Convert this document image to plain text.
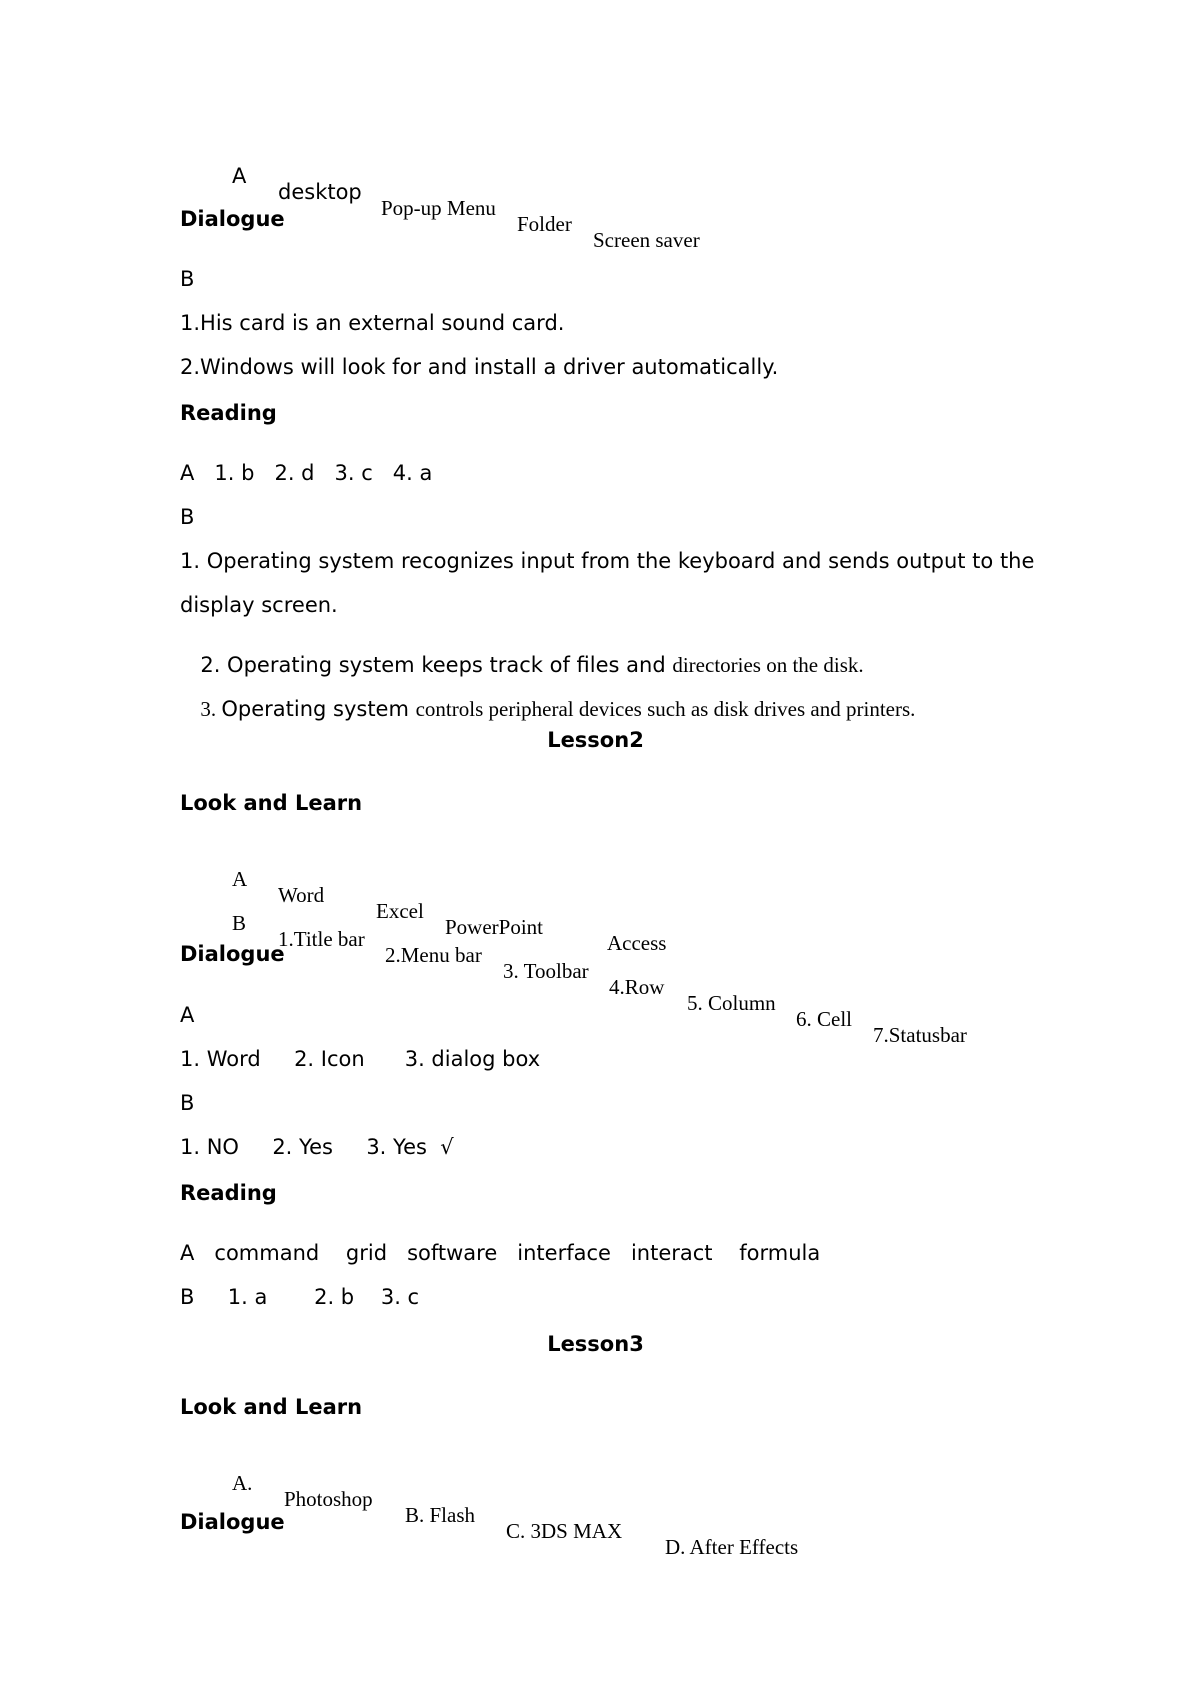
A

desktop

Pop-up Menu

Folder

Screen saver

Dialogue
B
1.His card is an external sound card.
2.Windows will look for and install a driver automatically.
Reading
A   1. b   2. d   3. c   4. a
B
1. Operating system recognizes input from the keyboard and sends output to the
display screen.

2. Operating system keeps track of files and directories on the disk.

3. Operating system controls peripheral devices such as disk drives and printers.

Lesson2
Look and Learn

A

Word

Excel

PowerPoint

Access

B

1.Title bar

2.Menu bar

3. Toolbar

4.Row

5. Column

6. Cell

7.Statusbar

Dialogue
A
1. Word     2. Icon      3. dialog box
B
1. NO     2. Yes     3. Yes  √
Reading
A   command    grid   software   interface   interact    formula
B     1. a       2. b    3. c
Lesson3
Look and Learn

A.

Photoshop

B. Flash

C. 3DS MAX

D. After Effects

Dialogue
